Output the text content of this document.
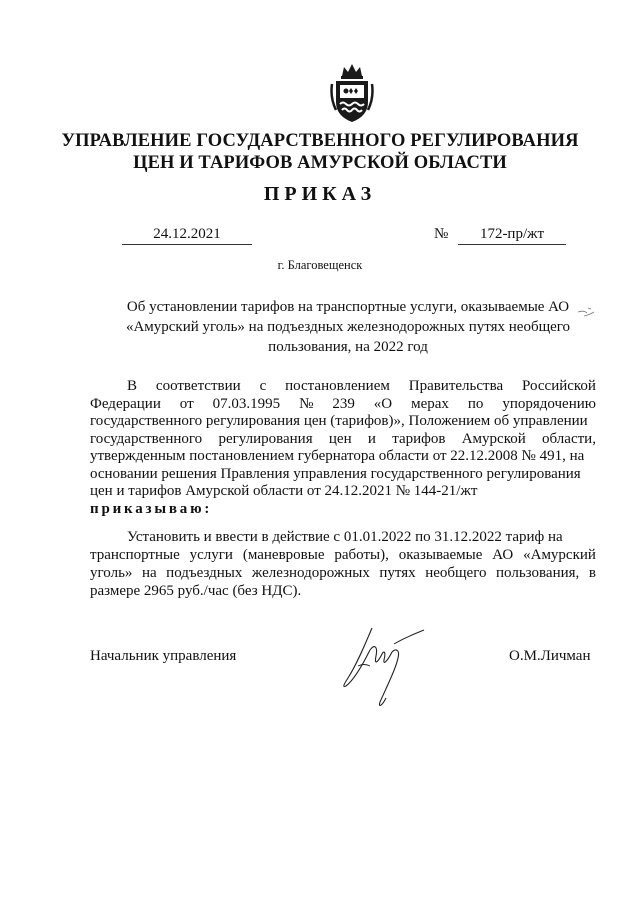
УПРАВЛЕНИЕ ГОСУДАРСТВЕННОГО РЕГУЛИРОВАНИЯ
ЦЕН И ТАРИФОВ АМУРСКОЙ ОБЛАСТИ
ПРИКАЗ
24.12.2021	№	172-пр/жт
г. Благовещенск
Об установлении тарифов на транспортные услуги, оказываемые АО
«Амурский уголь» на подъездных железнодорожных путях необщего
пользования, на 2022 год
В соответствии с постановлением Правительства Российской
Федерации от 07.03.1995 № 239 «О мерах по упорядочению
государственного регулирования цен (тарифов)», Положением об управлении
государственного регулирования цен и тарифов Амурской области,
утвержденным постановлением губернатора области от 22.12.2008 № 491, на
основании решения Правления управления государственного регулирования
цен и тарифов Амурской области от 24.12.2021 № 144-21/жт
приказываю:
Установить и ввести в действие с 01.01.2022 по 31.12.2022 тариф на
транспортные услуги (маневровые работы), оказываемые АО «Амурский
уголь» на подъездных железнодорожных путях необщего пользования, в
размере 2965 руб./час (без НДС).
Начальник управления	О.М.Личман
